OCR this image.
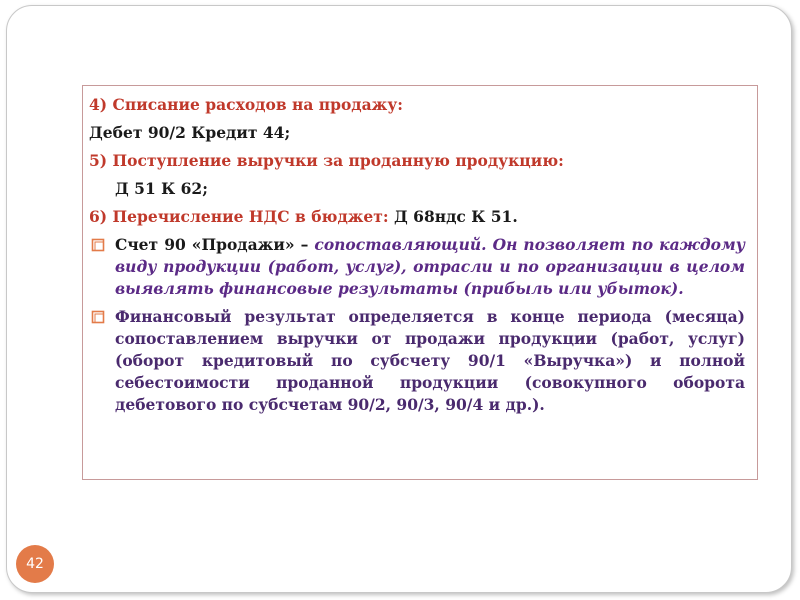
4) Списание расходов на продажу:
Дебет 90/2 Кредит 44;
5) Поступление выручки за проданную продукцию:
Д 51 К 62;
6) Перечисление НДС в бюджет: Д 68ндс К 51.
Счет 90 «Продажи» – сопоставляющий. Он позволяет по каждому виду продукции (работ, услуг), отрасли и по организации в целом выявлять финансовые результаты (прибыль или убыток).
Финансовый результат определяется в конце периода (месяца) сопоставлением выручки от продажи продукции (работ, услуг) (оборот кредитовый по субсчету 90/1 «Выручка») и полной себестоимости проданной продукции (совокупного оборота дебетового по субсчетам 90/2, 90/3, 90/4 и др.).
42
